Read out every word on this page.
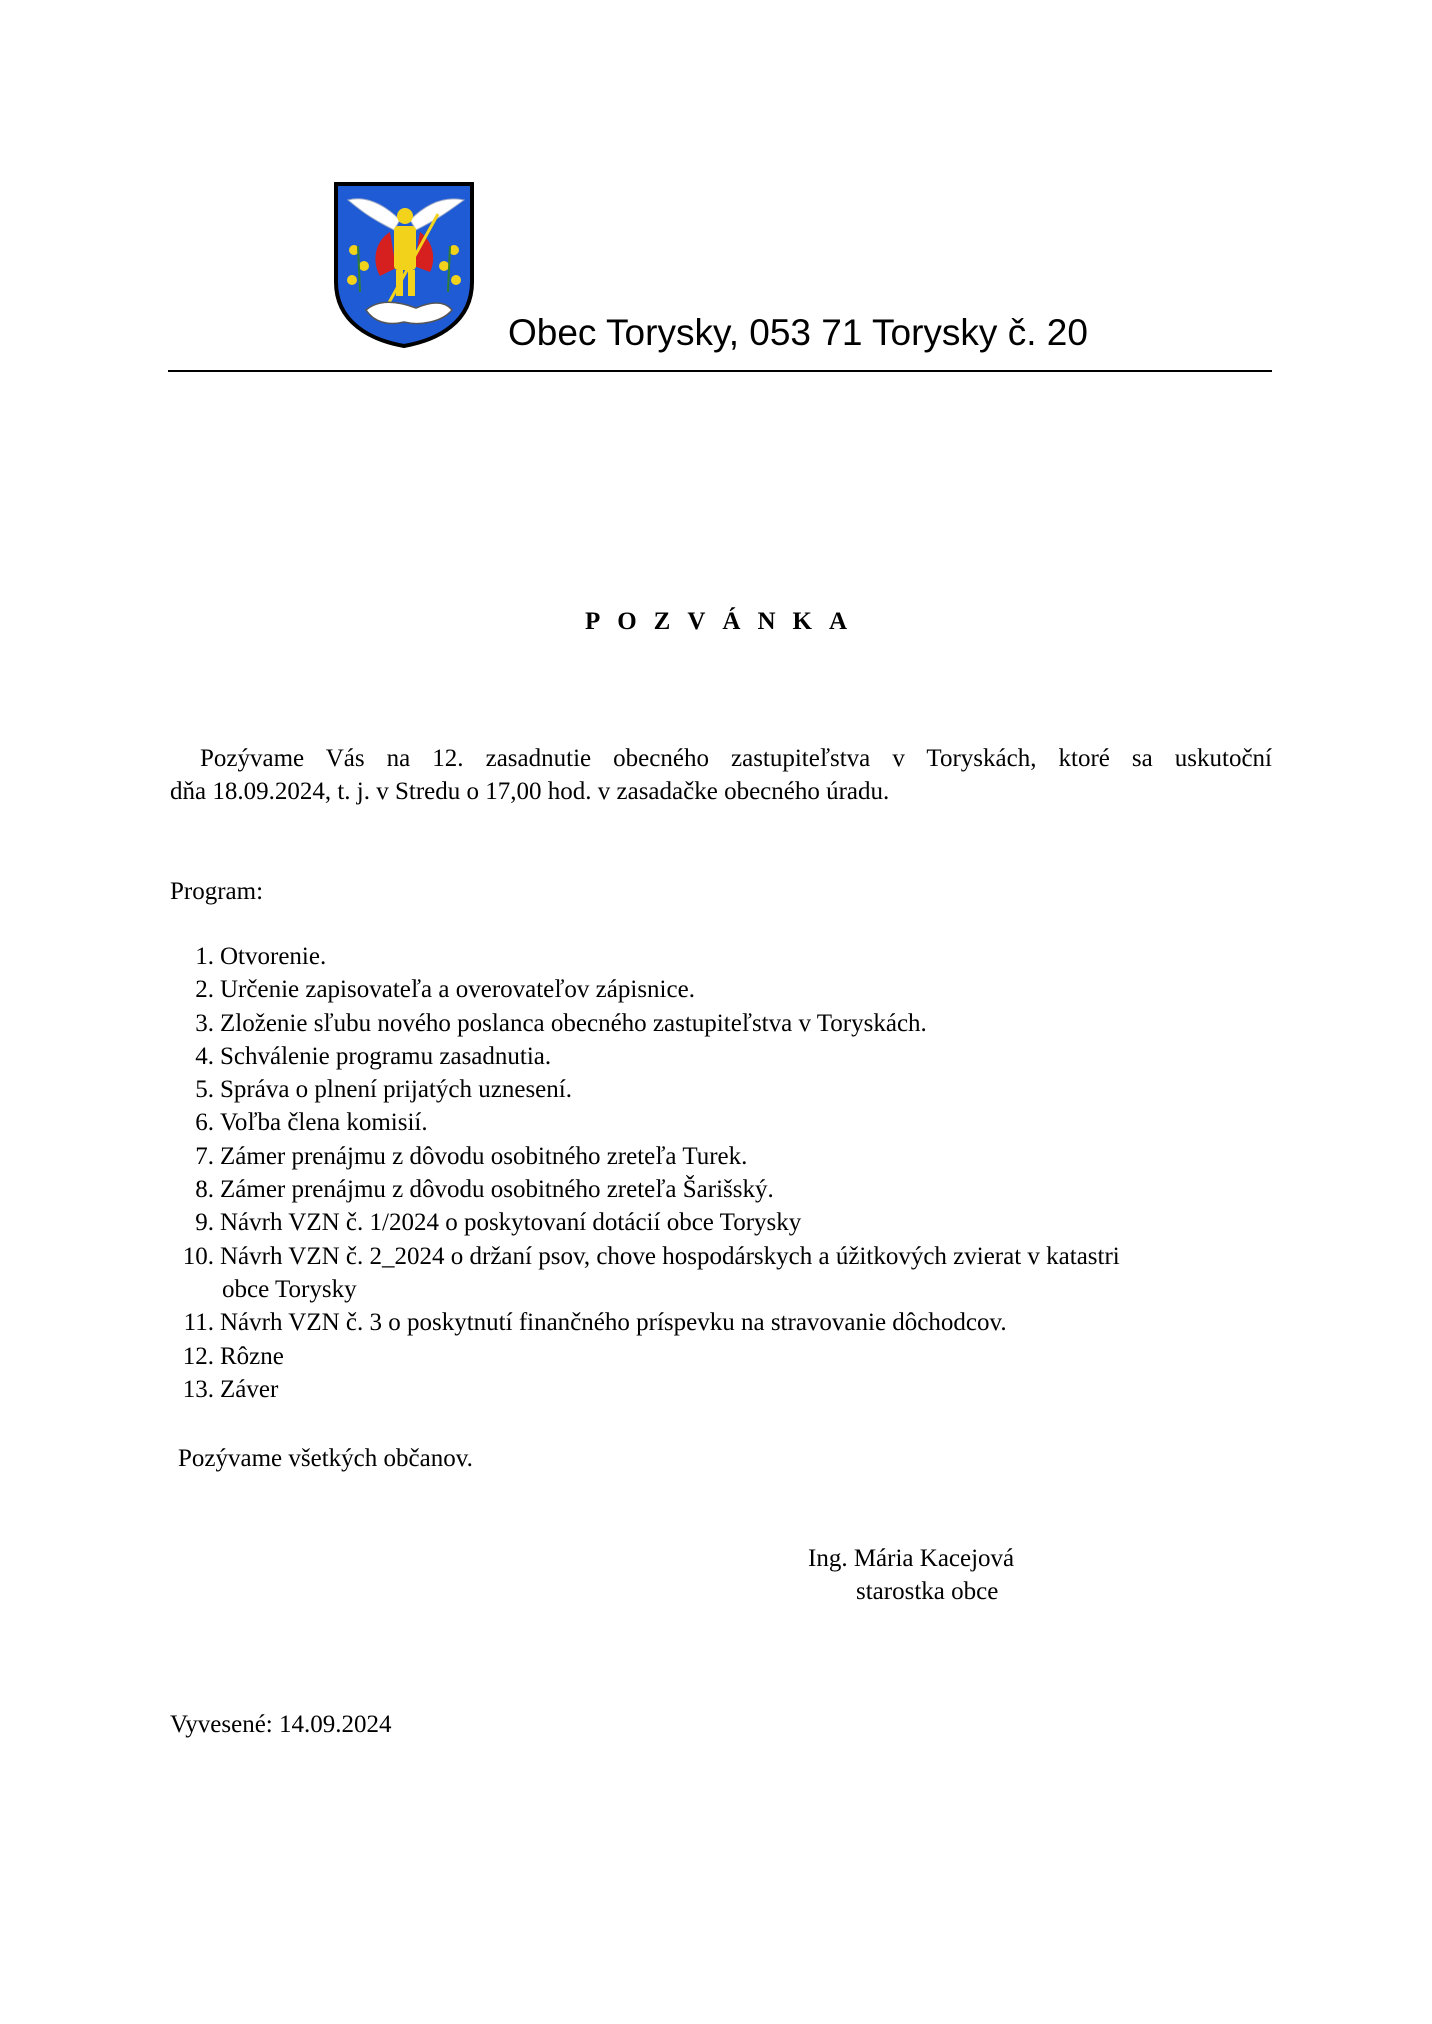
Obec Torysky, 053 71 Torysky č. 20
POZVÁNKA
Pozývame Vás na 12. zasadnutie obecného zastupiteľstva v Toryskách, ktoré sa uskutoční
dňa 18.09.2024, t. j. v Stredu o 17,00 hod. v zasadačke obecného úradu.
Program:
1. Otvorenie.
2. Určenie zapisovateľa a overovateľov zápisnice.
3. Zloženie sľubu nového poslanca obecného zastupiteľstva v Toryskách.
4. Schválenie programu zasadnutia.
5. Správa o plnení prijatých uznesení.
6. Voľba člena komisií.
7. Zámer prenájmu z dôvodu osobitného zreteľa Turek.
8. Zámer prenájmu z dôvodu osobitného zreteľa Šarišský.
9. Návrh VZN č. 1/2024 o poskytovaní dotácií obce Torysky
10. Návrh VZN č. 2_2024 o držaní psov, chove hospodárskych a úžitkových zvierat v katastri
obce Torysky
11. Návrh VZN č. 3 o poskytnutí finančného príspevku na stravovanie dôchodcov.
12. Rôzne
13. Záver
Pozývame všetkých občanov.
Ing. Mária Kacejová
starostka obce
Vyvesené: 14.09.2024
